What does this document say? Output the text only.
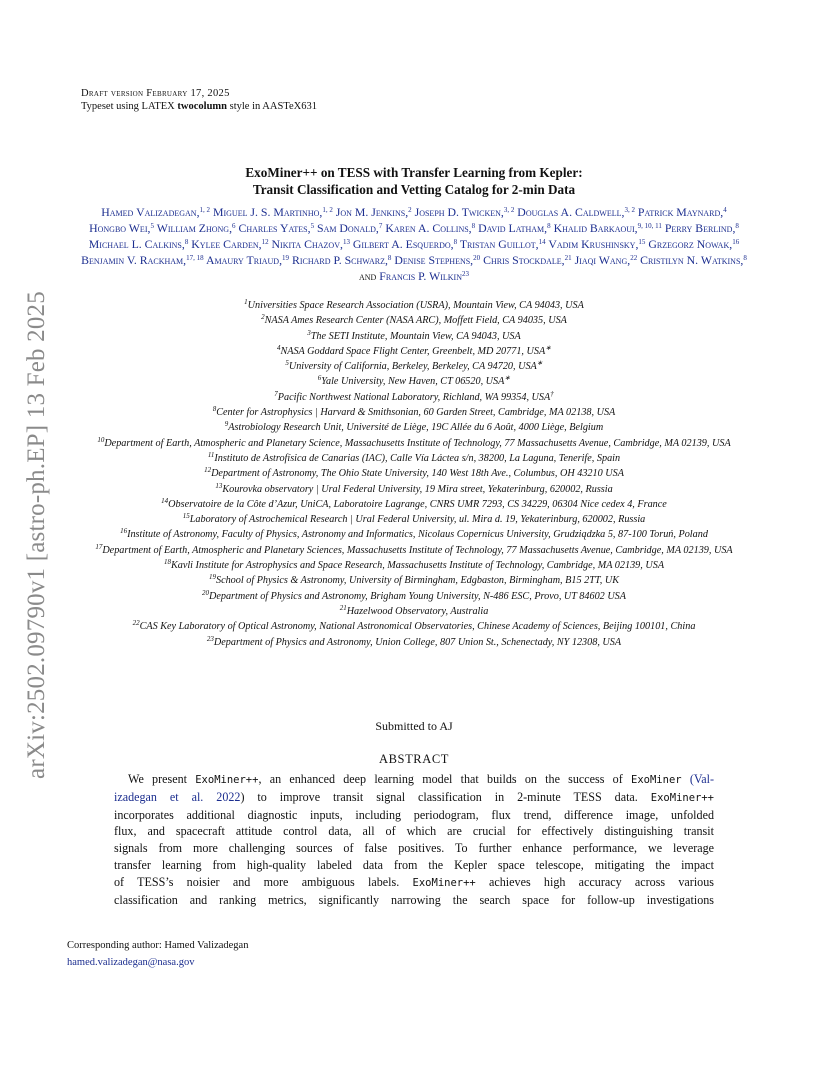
arXiv:2502.09790v1 [astro-ph.EP] 13 Feb 2025
Draft version February 17, 2025
Typeset using LATEX twocolumn style in AASTeX631
ExoMiner++ on TESS with Transfer Learning from Kepler:
Transit Classification and Vetting Catalog for 2-min Data
Hamed Valizadegan,$^{1, 2}$ Miguel J. S. Martinho,$^{1, 2}$ Jon M. Jenkins,$^2$ Joseph D. Twicken,$^{3, 2}$ Douglas A. Caldwell,$^{3, 2}$ Patrick Maynard,$^4$ Hongbo Wei,$^5$ William Zhong,$^6$ Charles Yates,$^5$ Sam Donald,$^7$ Karen A. Collins,$^8$ David Latham,$^8$ Khalid Barkaoui,$^{9, 10, 11}$ Perry Berlind,$^8$ Michael L. Calkins,$^8$ Kylee Carden,$^{12}$ Nikita Chazov,$^{13}$ Gilbert A. Esquerdo,$^8$ Tristan Guillot,$^{14}$ Vadim Krushinsky,$^{15}$ Grzegorz Nowak,$^{16}$ Benjamin V. Rackham,$^{17, 18}$ Amaury Triaud,$^{19}$ Richard P. Schwarz,$^8$ Denise Stephens,$^{20}$ Chris Stockdale,$^{21}$ Jiaqi Wang,$^{22}$ Cristilyn N. Watkins,$^8$ and Francis P. Wilkin$^{23}$
$^1$Universities Space Research Association (USRA), Mountain View, CA 94043, USA
$^2$NASA Ames Research Center (NASA ARC), Moffett Field, CA 94035, USA
$^3$The SETI Institute, Mountain View, CA 94043, USA
$^4$NASA Goddard Space Flight Center, Greenbelt, MD 20771, USA∗
$^5$University of California, Berkeley, Berkeley, CA 94720, USA∗
$^6$Yale University, New Haven, CT 06520, USA∗
$^7$Pacific Northwest National Laboratory, Richland, WA 99354, USA†
$^8$Center for Astrophysics | Harvard & Smithsonian, 60 Garden Street, Cambridge, MA 02138, USA
$^9$Astrobiology Research Unit, Université de Liège, 19C Allée du 6 Août, 4000 Liège, Belgium
$^{10}$Department of Earth, Atmospheric and Planetary Science, Massachusetts Institute of Technology, 77 Massachusetts Avenue, Cambridge, MA 02139, USA
$^{11}$Instituto de Astrofísica de Canarias (IAC), Calle Vía Láctea s/n, 38200, La Laguna, Tenerife, Spain
$^{12}$Department of Astronomy, The Ohio State University, 140 West 18th Ave., Columbus, OH 43210 USA
$^{13}$Kourovka observatory | Ural Federal University, 19 Mira street, Yekaterinburg, 620002, Russia
$^{14}$Observatoire de la Côte d’Azur, UniCA, Laboratoire Lagrange, CNRS UMR 7293, CS 34229, 06304 Nice cedex 4, France
$^{15}$Laboratory of Astrochemical Research | Ural Federal University, ul. Mira d. 19, Yekaterinburg, 620002, Russia
$^{16}$Institute of Astronomy, Faculty of Physics, Astronomy and Informatics, Nicolaus Copernicus University, Grudziądzka 5, 87-100 Toruń, Poland
$^{17}$Department of Earth, Atmospheric and Planetary Sciences, Massachusetts Institute of Technology, 77 Massachusetts Avenue, Cambridge, MA 02139, USA
$^{18}$Kavli Institute for Astrophysics and Space Research, Massachusetts Institute of Technology, Cambridge, MA 02139, USA
$^{19}$School of Physics & Astronomy, University of Birmingham, Edgbaston, Birmingham, B15 2TT, UK
$^{20}$Department of Physics and Astronomy, Brigham Young University, N-486 ESC, Provo, UT 84602 USA
$^{21}$Hazelwood Observatory, Australia
$^{22}$CAS Key Laboratory of Optical Astronomy, National Astronomical Observatories, Chinese Academy of Sciences, Beijing 100101, China
$^{23}$Department of Physics and Astronomy, Union College, 807 Union St., Schenectady, NY 12308, USA
Submitted to AJ
ABSTRACT
We present ExoMiner++, an enhanced deep learning model that builds on the success of ExoMiner (Val-
izadegan et al. 2022) to improve transit signal classification in 2-minute TESS data. ExoMiner++
incorporates additional diagnostic inputs, including periodogram, flux trend, difference image, unfolded
flux, and spacecraft attitude control data, all of which are crucial for effectively distinguishing transit
signals from more challenging sources of false positives. To further enhance performance, we leverage
transfer learning from high-quality labeled data from the Kepler space telescope, mitigating the impact
of TESS’s noisier and more ambiguous labels. ExoMiner++ achieves high accuracy across various
classification and ranking metrics, significantly narrowing the search space for follow-up investigations
Corresponding author: Hamed Valizadegan
hamed.valizadegan@nasa.gov
